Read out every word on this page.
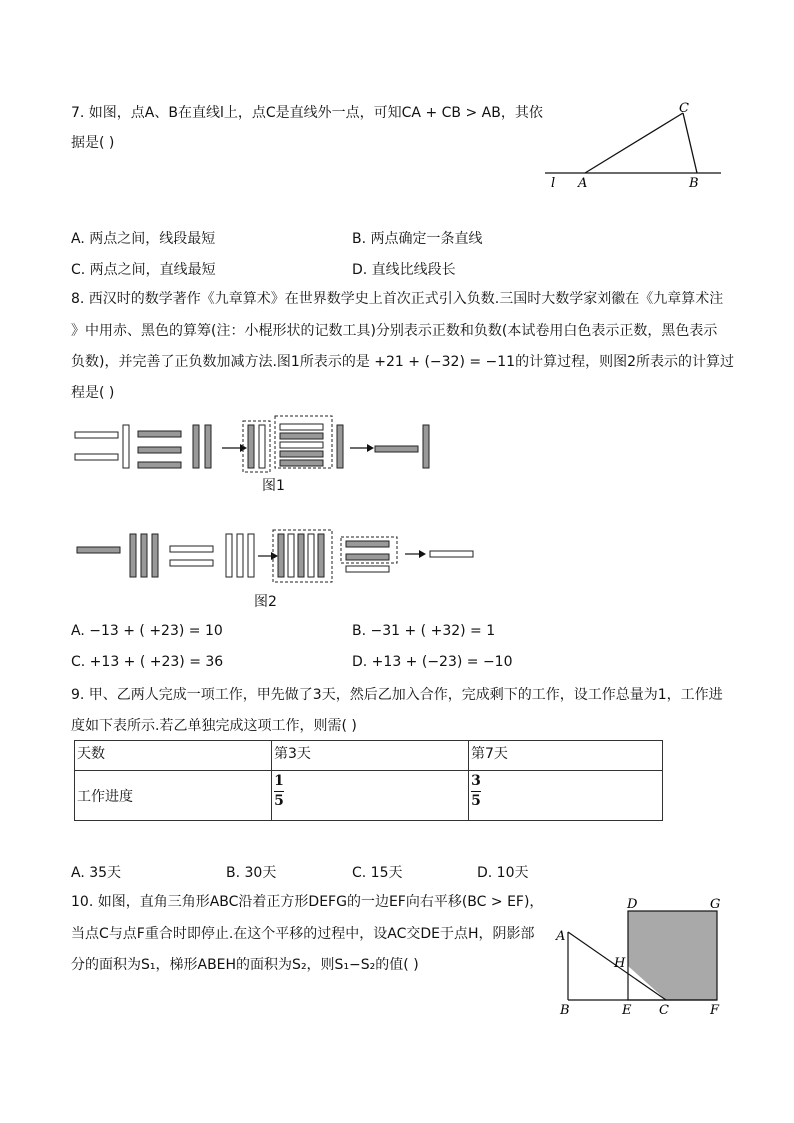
7. 如图，点A、B在直线l上，点C是直线外一点，可知CA + CB > AB，其依
据是( )
C
l A	B
A. 两点之间，线段最短	B. 两点确定一条直线
C. 两点之间，直线最短	D. 直线比线段长
8. 西汉时的数学著作《九章算术》在世界数学史上首次正式引入负数.三国时大数学家刘徽在《九章算术注
》中用赤、黑色的算筹(注：小棍形状的记数工具)分别表示正数和负数(本试卷用白色表示正数，黑色表示
负数)，并完善了正负数加减方法.图1所表示的是 +21 + (−32) = −11的计算过程，则图2所表示的计算过
程是( )
图1
图2
A. −13 + ( +23) = 10	B. −31 + ( +32) = 1
C. +13 + ( +23) = 36	D. +13 + (−23) = −10
9. 甲、乙两人完成一项工作，甲先做了3天，然后乙加入合作，完成剩下的工作，设工作总量为1，工作进
度如下表所示.若乙单独完成这项工作，则需( )
天数	第3天	第7天
工作进度	$\frac{1}{5}$	$\frac{3}{5}$
A. 35天	B. 30天	C. 15天	D. 10天
10. 如图，直角三角形ABC沿着正方形DEFG的一边EF向右平移(BC > EF)，
当点C与点F重合时即停止.在这个平移的过程中，设AC交DE于点H，阴影部
分的面积为S₁，梯形ABEH的面积为S₂，则S₁−S₂的值( )
D	G
A
H
B	E C	F
